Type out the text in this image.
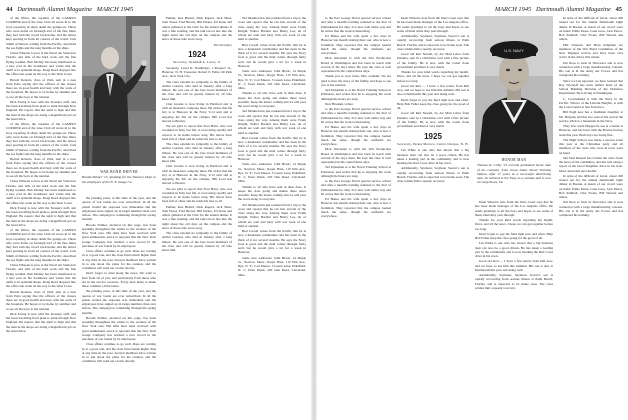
44 Dartmouth Alumni Magazine MARCH 1945

of the fifties, the captains of the CAMPUS COURIER and of the Glee Club all wrote in to the boys reporting in sharp detail the goings-on. Those who were home on furlough told of the fine times they had with the crowd back home, and the letters kept pouring in from all corners of the world. Jack Smith of Darien, writing from the Pacific, described the sea fights and the long months on the ships.

Chase Wheeler is now at the Naval Air Station in Florida, and tells of the hard work and the fine flying weather. Bob Dudley has been transferred to a new post in the Southwest and writes that the outfit is in splendid shape. Doug Reed dropped into the office last week on his way to the West Coast.

Harold Roberts, class of 1924, sent in a note from Paris saying that the officers of the classes there are in good health and busy with the work of the hospitals. He hopes to be home by summer and to see all the boys at the reunion.

Dick Ewing is now with the Treasury staff, and has been travelling from plant to plant through New England. He reports that the spirit is high and that the men in the shops are doing a magnificent job on the bond drive.

of the fifties, the captains of the CAMPUS COURIER and of the Glee Club all wrote in to the boys reporting in sharp detail the goings-on. Those who were home on furlough told of the fine times they had with the crowd back home, and the letters kept pouring in from all corners of the world. Jack Smith of Darien, writing from the Pacific, described the sea fights and the long months on the ships.

Harold Roberts, class of 1924, sent in a note from Paris saying that the officers of the classes there are in good health and busy with the work of the hospitals. He hopes to be home by summer and to see all the boys at the reunion.

Chase Wheeler is now at the Naval Air Station in Florida, and tells of the hard work and the fine flying weather. Bob Dudley has been transferred to a new post in the Southwest and writes that the outfit is in splendid shape. Doug Reed dropped into the office last week on his way to the West Coast.

Dick Ewing is now with the Treasury staff, and has been travelling from plant to plant through New England. He reports that the spirit is high and that the men in the shops are doing a magnificent job on the bond drive.

of the fifties, the captains of the CAMPUS COURIER and of the Glee Club all wrote in to the boys reporting in sharp detail the goings-on. Those who were home on furlough told of the fine times they had with the crowd back home, and the letters kept pouring in from all corners of the world. Jack Smith of Darien, writing from the Pacific, described the sea fights and the long months on the ships.

Chase Wheeler is now at the Naval Air Station in Florida, and tells of the hard work and the fine flying weather. Bob Dudley has been transferred to a new post in the Southwest and writes that the outfit is in splendid shape. Doug Reed dropped into the office last week on his way to the West Coast.

Harold Roberts, class of 1924, sent in a note from Paris saying that the officers of the classes there are in good health and busy with the work of the hospitals. He hopes to be home by summer and to see all the boys at the reunion.

Dick Ewing is now with the Treasury staff, and has been travelling from plant to plant through New England. He reports that the spirit is high and that the men in the shops are doing a magnificent job on the bond drive.

WAR BOND DRIVER
Brooks Palmer '15, speaking for the Treasury Dept. to the employees of the N. Y. Gauge Co.

the printing press, at this time of the year, and the quotas of war bonds are over subscribed. In all the plants visited the response was immediate and the employees have signed up in larger numbers than ever before. The campaign is continuing through the spring months.

Brooks Palmer, pictured on this page, has been speaking throughout the winter to the workers of the New York area. His talks have been received with great enthusiasm, and it is reported that the New York Gauge Company has reached a new record in the purchase of war bonds by its employees.

Class affairs continue to go well. Dues are coming in at a good rate, and the class fund stands higher than at any time in the past. Several members have written in to ask about the plans for the reunion, and the committee will send out a letter shortly.

Don't forget to send along the news. We want to hear from all of you, and particularly from those who are in the service overseas. Every note helps to make these columns a little better.

the printing press, at this time of the year, and the quotas of war bonds are over subscribed. In all the plants visited the response was immediate and the employees have signed up in larger numbers than ever before. The campaign is continuing through the spring months.

Brooks Palmer, pictured on this page, has been speaking throughout the winter to the workers of the New York area. His talks have been received with great enthusiasm, and it is reported that the New York Gauge Company has reached a new record in the purchase of war bonds by its employees.

Class affairs continue to go well. Dues are coming in at a good rate, and the class fund stands higher than at any time in the past. Several members have written in to ask about the plans for the reunion, and the committee will send out a letter shortly.

Palmer, Ken Hubert, Dick Ropers, Jack Shaw, Tom Wood, Fred Brown, Bill Parker, Ed Stone and others gathered at the Club for the annual dinner. It was a fine evening, and the talk ran on late into the night about the old days on the campus and the news of those who were away.

The Secretary
1924
Secretary, Jeremiah A. Lucey, Jr.

Secretary, Lloyd K. Neidlinger, 1 Prospect St., Hanover, N. H. Treasurer, Robert P. Fuller, 66 Park Ave., New York City.

The class extends its sympathy to the family of Arthur Gordon, who died in January after a long illness. He was one of the best loved members of the class and will be greatly missed by all who knew him.

Chet Greene is now living in Hartford and is with an insurance company there. He writes that his boy is at Hanover in the Navy V-12 unit and is enjoying the life on the campus. Bill Lord has moved to Boston.

We are glad to report that Fred Hunt, who was wounded in Italy last fall, is recovering rapidly and expects to be home before long. His letters have been full of cheer and he sends his best to all.

The class extends its sympathy to the family of Arthur Gordon, who died in January after a long illness. He was one of the best loved members of the class and will be greatly missed by all who knew him.

Chet Greene is now living in Hartford and is with an insurance company there. He writes that his boy is at Hanover in the Navy V-12 unit and is enjoying the life on the campus. Bill Lord has moved to Boston.

We are glad to report that Fred Hunt, who was wounded in Italy last fall, is recovering rapidly and expects to be home before long. His letters have been full of cheer and he sends his best to all.

Palmer, Ken Hubert, Dick Ropers, Jack Shaw, Tom Wood, Fred Brown, Bill Parker, Ed Stone and others gathered at the Club for the annual dinner. It was a fine evening, and the talk ran on late into the night about the old days on the campus and the news of those who were away.

The class extends its sympathy to the family of Arthur Gordon, who died in January after a long illness. He was one of the best loved members of the class and will be greatly missed by all who knew him.

Ted Shannon has just returned from a trip to the coast and reports that he ran into several of the class along the way. Among them were Frank Knight, Walter Bartlett and Henry Lee, all of whom are well and busy with war work of one kind or another.

Bud Carroll writes from the Pacific that he is now a lieutenant commander and has been in the thick of it for several months. He says the Navy food is good and the mail comes through fairly well, but he would give a lot for a week in Hanover.

Some new addresses: John Black, 14 Maple St., Newton, Mass.; Roger Hale, 110 Elm Ave., Rye, N. Y.; Carl Mason, 3 Green Lane, Plainfield, N. J.; Peter Dunn, 220 Oak Road, Cleveland, Ohio.

Thanks to all who have sent in their dues. It keeps the class going and makes these notes possible. Keep the letters coming and we will pass the word along to everyone.

Ted Shannon has just returned from a trip to the coast and reports that he ran into several of the class along the way. Among them were Frank Knight, Walter Bartlett and Henry Lee, all of whom are well and busy with war work of one kind or another.

Bud Carroll writes from the Pacific that he is now a lieutenant commander and has been in the thick of it for several months. He says the Navy food is good and the mail comes through fairly well, but he would give a lot for a week in Hanover.

Some new addresses: John Black, 14 Maple St., Newton, Mass.; Roger Hale, 110 Elm Ave., Rye, N. Y.; Carl Mason, 3 Green Lane, Plainfield, N. J.; Peter Dunn, 220 Oak Road, Cleveland, Ohio.

Thanks to all who have sent in their dues. It keeps the class going and makes these notes possible. Keep the letters coming and we will pass the word along to everyone.

Ted Shannon has just returned from a trip to the coast and reports that he ran into several of the class along the way. Among them were Frank Knight, Walter Bartlett and Henry Lee, all of whom are well and busy with war work of one kind or another.

Bud Carroll writes from the Pacific that he is now a lieutenant commander and has been in the thick of it for several months. He says the Navy food is good and the mail comes through fairly well, but he would give a lot for a week in Hanover.

Some new addresses: John Black, 14 Maple St., Newton, Mass.; Roger Hale, 110 Elm Ave., Rye, N. Y.; Carl Mason, 3 Green Lane, Plainfield, N. J.; Peter Dunn, 220 Oak Road, Cleveland, Ohio.

MARCH 1945 Dartmouth Alumni Magazine 45

to the Port George Naval special service school and after a month's training returned to the Port of Embarkation for duty. It is now well under way and he writes that the work is interesting.

Ed Hanes and his wife spent a few days in Hanover last month visiting their son, who is now a freshman. They reported that the campus looked much the same, though the uniforms are everywhere.

Dick Ostrander is with the War Production Board in Washington and has been in touch with several of the boys there. He says the class is well represented in the capital these days.

Thank you to your letter, Mrs. Graham. We are glad to hear the news of the family and hope to see you at the reunion.

Ted Dykeman is at the Naval Training School at Princeton, and writes that he is enjoying the work although the hours are long.

Don Hawkins writes:

to the Port George Naval special service school and after a month's training returned to the Port of Embarkation for duty. It is now well under way and he writes that the work is interesting.

Ed Hanes and his wife spent a few days in Hanover last month visiting their son, who is now a freshman. They reported that the campus looked much the same, though the uniforms are everywhere.

Dick Ostrander is with the War Production Board in Washington and has been in touch with several of the boys there. He says the class is well represented in the capital these days.

Ted Dykeman is at the Naval Training School at Princeton, and writes that he is enjoying the work although the hours are long.

to the Port George Naval special service school and after a month's training returned to the Port of Embarkation for duty. It is now well under way and he writes that the work is interesting.

Ed Hanes and his wife spent a few days in Hanover last month visiting their son, who is now a freshman. They reported that the campus looked much the same, though the uniforms are everywhere.

Dean Wilson's note from the West Coast says that he has been made manager of the Los Angeles office. He sends greetings to all the boys and hopes to see some of them when they pass through.

Additionally, Seymour, Seymour Seaver's son is rapidly recovering from serious illness at Palm Beach, Florida, and is expected to be home soon. The class wishes him a speedy recovery.

Good old Red Newell, by Air Mail Letter from Panama, sent in a Christmas card with a fine picture of the family. He is now with the Canal Zone government and likes it very much.

Thanks for your kind words regarding my health, Dave, and all the news. I hope we can get together before too long.

Good old Red — I have a few letters from him now, and we hope to see him this summer. His son is also at Dartmouth this year and doing well.

Don't forget to pay the fund right now and often. Help Bob Fuller keep the class going for the good of all.

Good old Red Newell, by Air Mail Letter from Panama, sent in a Christmas card with a fine picture of the family. He is now with the Canal Zone government and likes it very much.

1925
Secretary, Parker Merrow, Center Ossipee, N. H.

Lin White is one who has shown that a big business man can also be a good citizen. He has taken a leading part in the community and is now heading the Red Cross drive in his town.

Additionally, Seymour, Seymour Seaver's son is rapidly recovering from serious illness at Palm Beach, Florida, and is expected to be home soon. The class wishes him a speedy recovery.

U.S. NAVY
HONOR MAN
Thomas K. Colby '25 recently graduated honor man of his company from Great Lakes Naval Training Station, after 27 years as a successful advertising man, he enlisted in the Navy as a seaman and is now at Camp Peary, Va.

Dean Wilson's note from the West Coast says that he has been made manager of the Los Angeles office. He sends greetings to all the boys and hopes to see some of them when they pass through.

Thanks for your kind words regarding my health, Dave, and all the news. I hope we can get together before too long.

Don't forget to pay the fund right now and often. Help Bob Fuller keep the class going for the good of all.

Lin White is one who has shown that a big business man can also be a good citizen. He has taken a leading part in the community and is now heading the Red Cross drive in his town.

Good old Red — I have a few letters from him now, and we hope to see him this summer. His son is also at Dartmouth this year and doing well.

Additionally, Seymour, Seymour Seaver's son is rapidly recovering from serious illness at Palm Beach, Florida, and is expected to be home soon. The class wishes him a speedy recovery.

In spite of the difficult of travel, about 200 turned out for the annual Dartmouth night dinner in Boston. A dozen of our crowd were on hand: Eddie Pease, Lane Goss, Jack Pierce, Bob Kimball, Chet Evans, Bill Weston and others.

Phil Otterson and Brad Kingman are members of the War Bond Committee of the New England section and have been very active in the drives this winter.

Jim Ross is back in Worcester and is now connected with a large manufacturing concern. His son is in the Army Air Forces and has completed his training.

Since we last reported, we have learned that Ray Wyckoff has been named head of the School Building Division of the Ordnance Department. He is living in Washington.

L. Crownshield is with the Navy in the Pacific. Wilcox of the Lincoln Heights, is with the Coast Guard at San Francisco.

Bill Pugh now has a freshman daughter at Mt. Holyoke and has two sons of his own in the service. Dick is a lieutenant in the Navy.

They also reach Hapgood's son is a senior at Hanover, and has been with the Boston hockey team this year. Both boys are doing fine.

The High School was made a special event this year at the Christmas party and all members of the class who were in town were on hand.

Our Don Russell has written the class about the news of the committee, and has sent along a report of the Good Neighbor drive in his state. More about this next month.

In spite of the difficult of travel, about 200 turned out for the annual Dartmouth night dinner in Boston. A dozen of our crowd were on hand: Eddie Pease, Lane Goss, Jack Pierce, Bob Kimball, Chet Evans, Bill Weston and others.

Jim Ross is back in Worcester and is now connected with a large manufacturing concern. His son is in the Army Air Forces and has completed his training.
